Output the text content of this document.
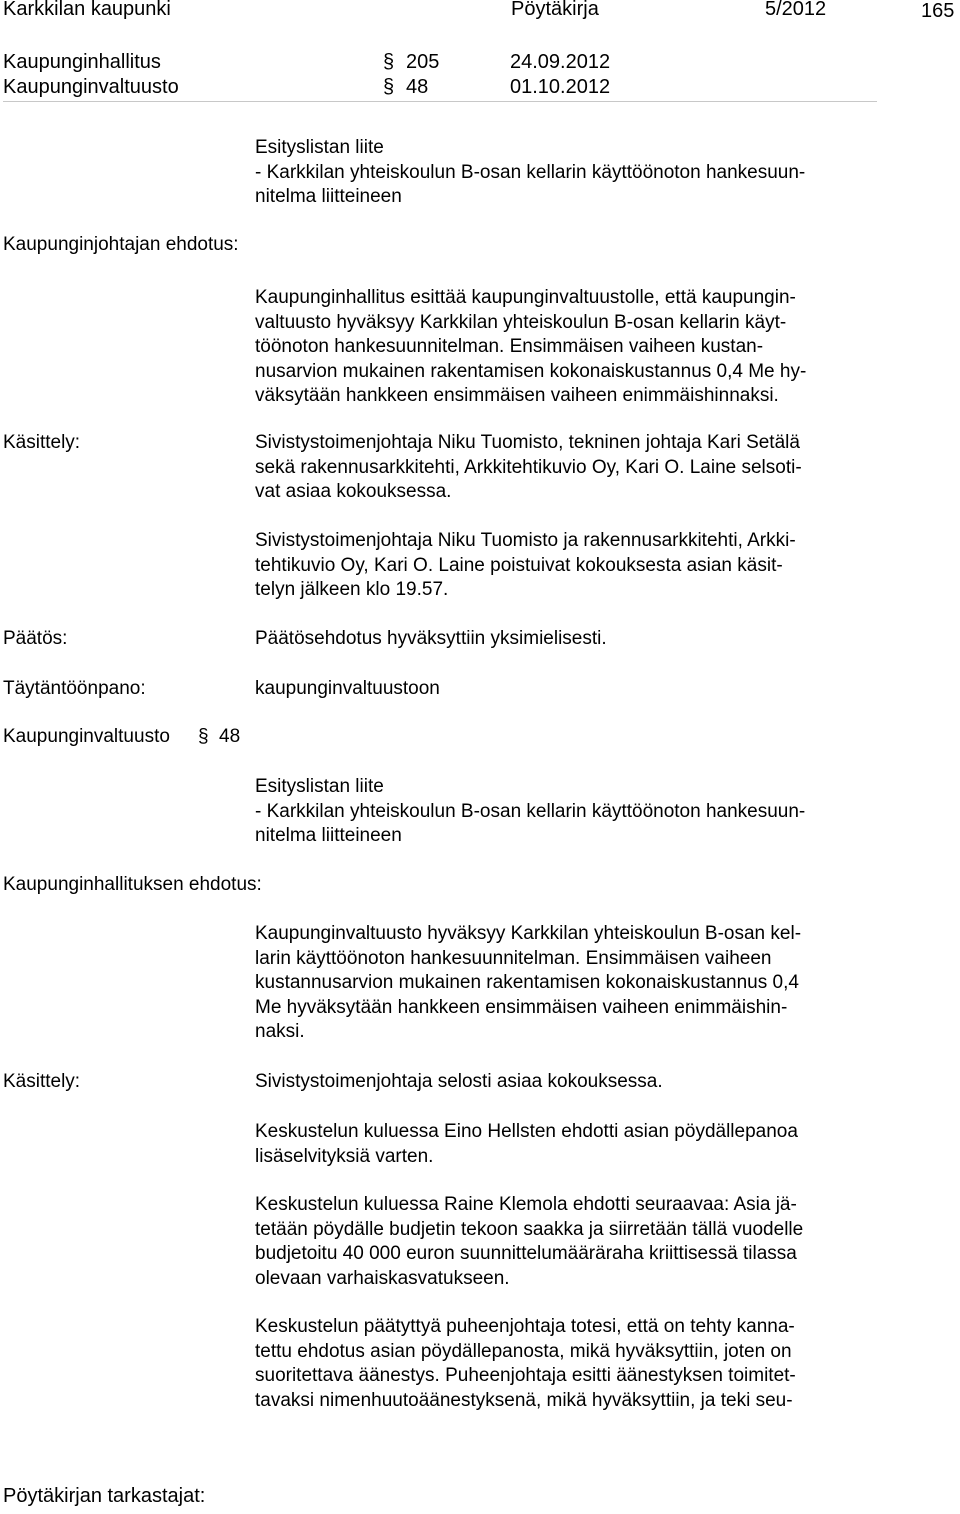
Karkkilan kaupunki	Pöytäkirja	5/2012	165
Kaupunginhallitus	§ 205	24.09.2012
Kaupunginvaltuusto	§ 48	01.10.2012
Esityslistan liite
- Karkkilan yhteiskoulun B-osan kellarin käyttöönoton hankesuun-
nitelma liitteineen
Kaupunginjohtajan ehdotus:
Kaupunginhallitus esittää kaupunginvaltuustolle, että kaupungin-
valtuusto hyväksyy Karkkilan yhteiskoulun B-osan kellarin käyt-
töönoton hankesuunnitelman. Ensimmäisen vaiheen kustan-
nusarvion mukainen rakentamisen kokonaiskustannus 0,4 Me hy-
väksytään hankkeen ensimmäisen vaiheen enimmäishinnaksi.
Käsittely:	Sivistystoimenjohtaja Niku Tuomisto, tekninen johtaja Kari Setälä
sekä rakennusarkkitehti, Arkkitehtikuvio Oy, Kari O. Laine selsoti-
vat asiaa kokouksessa.
Sivistystoimenjohtaja Niku Tuomisto ja rakennusarkkitehti, Arkki-
tehtikuvio Oy, Kari O. Laine poistuivat kokouksesta asian käsit-
telyn jälkeen klo 19.57.
Päätös:	Päätösehdotus hyväksyttiin yksimielisesti.
Täytäntöönpano:	kaupunginvaltuustoon
Kaupunginvaltuusto § 48
Esityslistan liite
- Karkkilan yhteiskoulun B-osan kellarin käyttöönoton hankesuun-
nitelma liitteineen
Kaupunginhallituksen ehdotus:
Kaupunginvaltuusto hyväksyy Karkkilan yhteiskoulun B-osan kel-
larin käyttöönoton hankesuunnitelman. Ensimmäisen vaiheen
kustannusarvion mukainen rakentamisen kokonaiskustannus 0,4
Me hyväksytään hankkeen ensimmäisen vaiheen enimmäishin-
naksi.
Käsittely:	Sivistystoimenjohtaja selosti asiaa kokouksessa.
Keskustelun kuluessa Eino Hellsten ehdotti asian pöydällepanoa
lisäselvityksiä varten.
Keskustelun kuluessa Raine Klemola ehdotti seuraavaa: Asia jä-
tetään pöydälle budjetin tekoon saakka ja siirretään tällä vuodelle
budjetoitu 40 000 euron suunnittelumääräraha kriittisessä tilassa
olevaan varhaiskasvatukseen.
Keskustelun päätyttyä puheenjohtaja totesi, että on tehty kanna-
tettu ehdotus asian pöydällepanosta, mikä hyväksyttiin, joten on
suoritettava äänestys. Puheenjohtaja esitti äänestyksen toimitet-
tavaksi nimenhuutoäänestyksenä, mikä hyväksyttiin, ja teki seu-
Pöytäkirjan tarkastajat:
